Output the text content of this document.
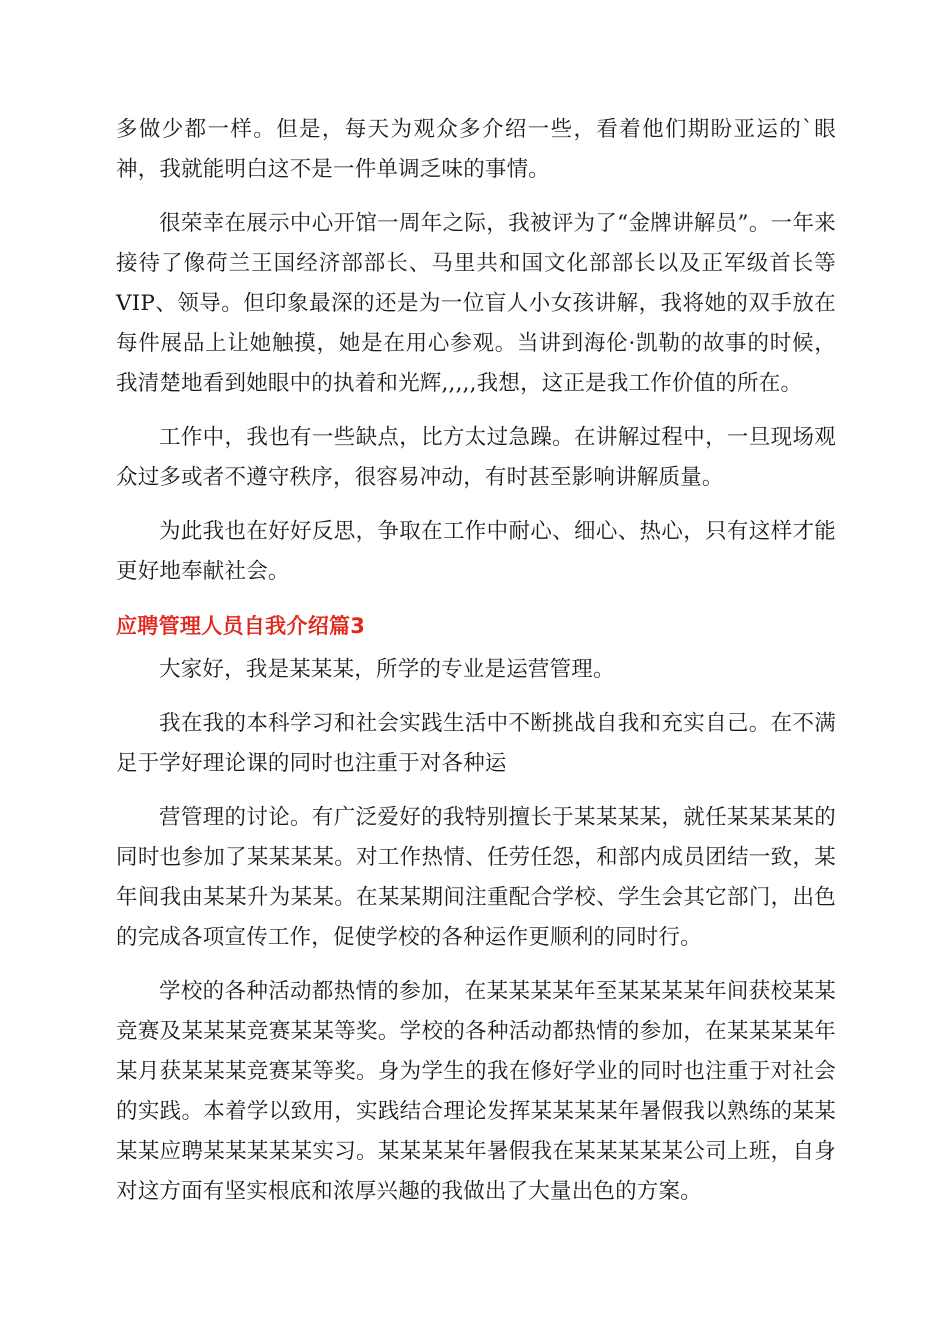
多做少都一样。但是，每天为观众多介绍一些，看着他们期盼亚运的`眼神，我就能明白这不是一件单调乏味的事情。

很荣幸在展示中心开馆一周年之际，我被评为了“金牌讲解员”。一年来接待了像荷兰王国经济部部长、马里共和国文化部部长以及正军级首长等VIP、领导。但印象最深的还是为一位盲人小女孩讲解，我将她的双手放在每件展品上让她触摸，她是在用心参观。当讲到海伦·凯勒的故事的时候，我清楚地看到她眼中的执着和光辉,,,,,我想，这正是我工作价值的所在。

工作中，我也有一些缺点，比方太过急躁。在讲解过程中，一旦现场观众过多或者不遵守秩序，很容易冲动，有时甚至影响讲解质量。

为此我也在好好反思，争取在工作中耐心、细心、热心，只有这样才能更好地奉献社会。

应聘管理人员自我介绍篇3

大家好，我是某某某，所学的专业是运营管理。

我在我的本科学习和社会实践生活中不断挑战自我和充实自己。在不满足于学好理论课的同时也注重于对各种运

营管理的讨论。有广泛爱好的我特别擅长于某某某某，就任某某某某的同时也参加了某某某某。对工作热情、任劳任怨，和部内成员团结一致，某年间我由某某升为某某。在某某期间注重配合学校、学生会其它部门，出色的完成各项宣传工作，促使学校的各种运作更顺利的同时行。

学校的各种活动都热情的参加，在某某某某年至某某某某年间获校某某竞赛及某某某竞赛某某等奖。学校的各种活动都热情的参加，在某某某某年某月获某某某竞赛某等奖。身为学生的我在修好学业的同时也注重于对社会的实践。本着学以致用，实践结合理论发挥某某某某年暑假我以熟练的某某某某应聘某某某某某实习。某某某某年暑假我在某某某某某公司上班，自身对这方面有坚实根底和浓厚兴趣的我做出了大量出色的方案。
